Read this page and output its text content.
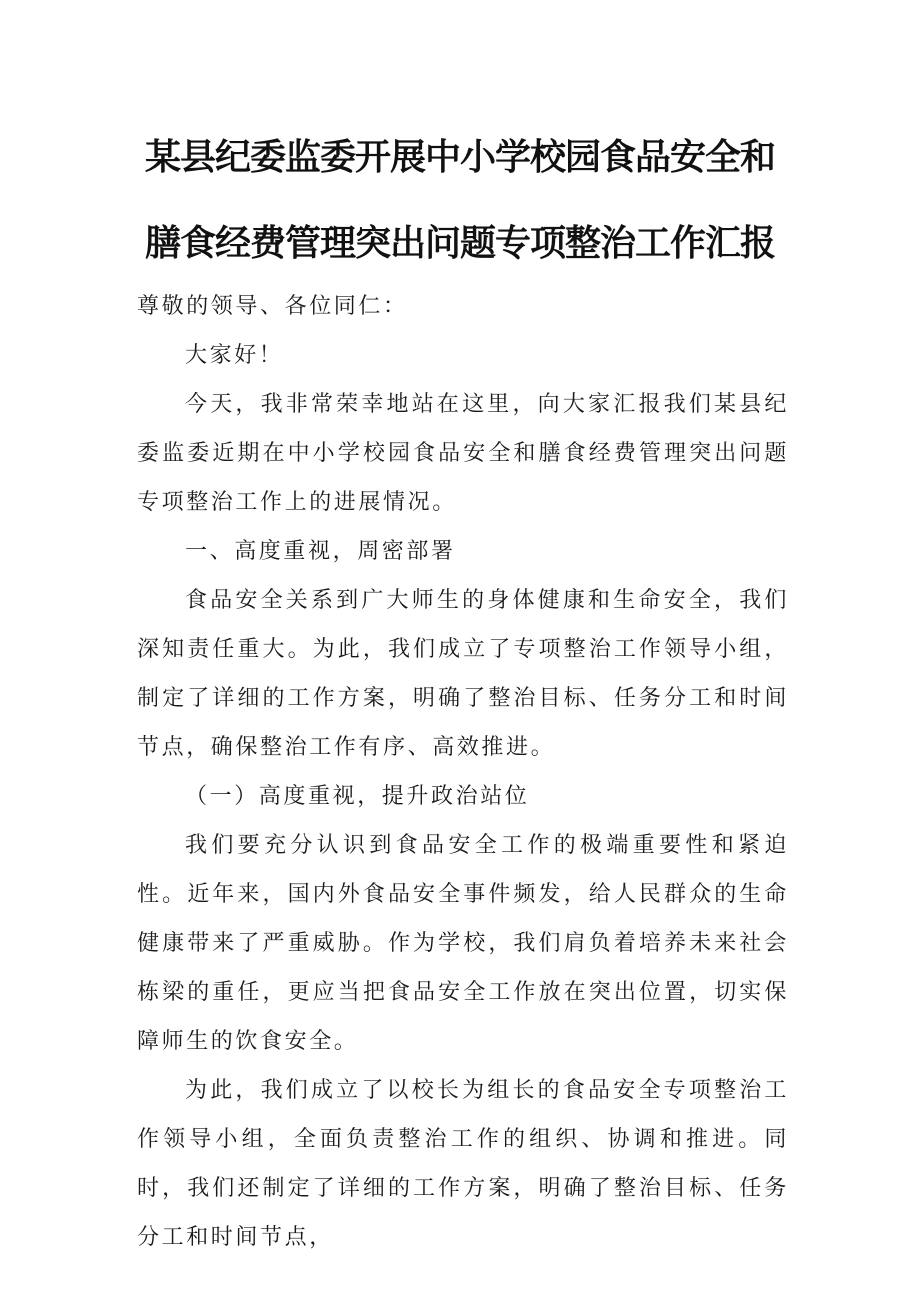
某县纪委监委开展中小学校园食品安全和
膳食经费管理突出问题专项整治工作汇报

尊敬的领导、各位同仁：

大家好！

今天，我非常荣幸地站在这里，向大家汇报我们某县纪委监委近期在中小学校园食品安全和膳食经费管理突出问题专项整治工作上的进展情况。

一、高度重视，周密部署

食品安全关系到广大师生的身体健康和生命安全，我们深知责任重大。为此，我们成立了专项整治工作领导小组，制定了详细的工作方案，明确了整治目标、任务分工和时间节点，确保整治工作有序、高效推进。

（一）高度重视，提升政治站位

我们要充分认识到食品安全工作的极端重要性和紧迫性。近年来，国内外食品安全事件频发，给人民群众的生命健康带来了严重威胁。作为学校，我们肩负着培养未来社会栋梁的重任，更应当把食品安全工作放在突出位置，切实保障师生的饮食安全。

为此，我们成立了以校长为组长的食品安全专项整治工作领导小组，全面负责整治工作的组织、协调和推进。同时，我们还制定了详细的工作方案，明确了整治目标、任务分工和时间节点，
